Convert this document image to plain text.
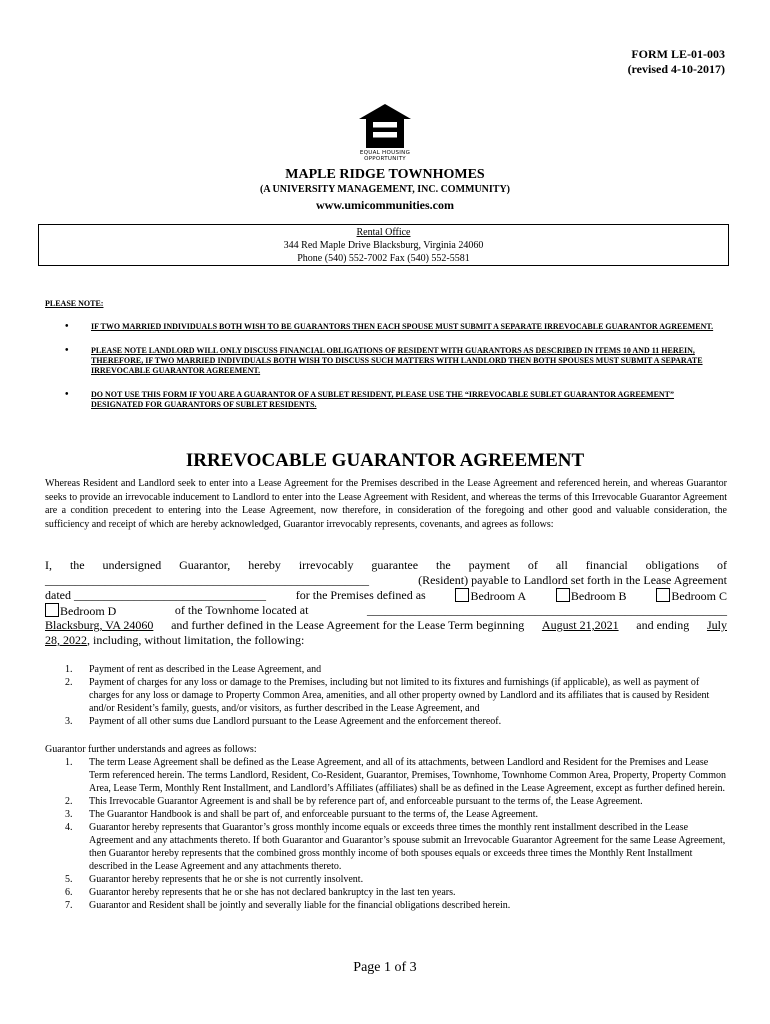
FORM LE-01-003
(revised 4-10-2017)
EQUAL HOUSING
OPPORTUNITY
MAPLE RIDGE TOWNHOMES
(A UNIVERSITY MANAGEMENT, INC. COMMUNITY)
www.umicommunities.com
Rental Office
344 Red Maple Drive Blacksburg, Virginia 24060
Phone (540) 552-7002 Fax (540) 552-5581
PLEASE NOTE:
•	IF TWO MARRIED INDIVIDUALS BOTH WISH TO BE GUARANTORS THEN EACH SPOUSE MUST SUBMIT A SEPARATE IRREVOCABLE GUARANTOR AGREEMENT.
•	PLEASE NOTE LANDLORD WILL ONLY DISCUSS FINANCIAL OBLIGATIONS OF RESIDENT WITH GUARANTORS AS DESCRIBED IN ITEMS 10 AND 11 HEREIN, THEREFORE, IF TWO MARRIED INDIVIDUALS BOTH WISH TO DISCUSS SUCH MATTERS WITH LANDLORD THEN BOTH SPOUSES MUST SUBMIT A SEPARATE IRREVOCABLE GUARANTOR AGREEMENT.
•	DO NOT USE THIS FORM IF YOU ARE A GUARANTOR OF A SUBLET RESIDENT, PLEASE USE THE “IRREVOCABLE SUBLET GUARANTOR AGREEMENT” DESIGNATED FOR GUARANTORS OF SUBLET RESIDENTS.
IRREVOCABLE GUARANTOR AGREEMENT
Whereas Resident and Landlord seek to enter into a Lease Agreement for the Premises described in the Lease Agreement and referenced herein, and whereas Guarantor seeks to provide an irrevocable inducement to Landlord to enter into the Lease Agreement with Resident, and whereas the terms of this Irrevocable Guarantor Agreement are a condition precedent to entering into the Lease Agreement, now therefore, in consideration of the foregoing and other good and valuable consideration, the sufficiency and receipt of which are hereby acknowledged, Guarantor irrevocably represents, covenants, and agrees as follows:
I, the undersigned Guarantor, hereby irrevocably guarantee the payment of all financial obligations of
______________________________________________________	(Resident) payable to Landlord set forth in the Lease Agreement
dated ________________________________ for the Premises defined as	Bedroom A	Bedroom B	Bedroom C
Bedroom D	of the Townhome located at	____________________________________________________________
Blacksburg, VA 24060 and further defined in the Lease Agreement for the Lease Term beginning August 21,2021 and ending July
28, 2022, including, without limitation, the following:
1. Payment of rent as described in the Lease Agreement, and
2. Payment of charges for any loss or damage to the Premises, including but not limited to its fixtures and furnishings (if applicable), as well as payment of charges for any loss or damage to Property Common Area, amenities, and all other property owned by Landlord and its affiliates that is caused by Resident and/or Resident’s family, guests, and/or visitors, as further described in the Lease Agreement, and
3. Payment of all other sums due Landlord pursuant to the Lease Agreement and the enforcement thereof.
Guarantor further understands and agrees as follows:
1. The term Lease Agreement shall be defined as the Lease Agreement, and all of its attachments, between Landlord and Resident for the Premises and Lease Term referenced herein. The terms Landlord, Resident, Co-Resident, Guarantor, Premises, Townhome, Townhome Common Area, Property, Property Common Area, Lease Term, Monthly Rent Installment, and Landlord’s Affiliates (affiliates) shall be as defined in the Lease Agreement, except as further defined herein.
2. This Irrevocable Guarantor Agreement is and shall be by reference part of, and enforceable pursuant to the terms of, the Lease Agreement.
3. The Guarantor Handbook is and shall be part of, and enforceable pursuant to the terms of, the Lease Agreement.
4. Guarantor hereby represents that Guarantor’s gross monthly income equals or exceeds three times the monthly rent installment described in the Lease Agreement and any attachments thereto. If both Guarantor and Guarantor’s spouse submit an Irrevocable Guarantor Agreement for the same Lease Agreement, then Guarantor hereby represents that the combined gross monthly income of both spouses equals or exceeds three times the Monthly Rent Installment described in the Lease Agreement and any attachments thereto.
5. Guarantor hereby represents that he or she is not currently insolvent.
6. Guarantor hereby represents that he or she has not declared bankruptcy in the last ten years.
7. Guarantor and Resident shall be jointly and severally liable for the financial obligations described herein.
Page 1 of 3
